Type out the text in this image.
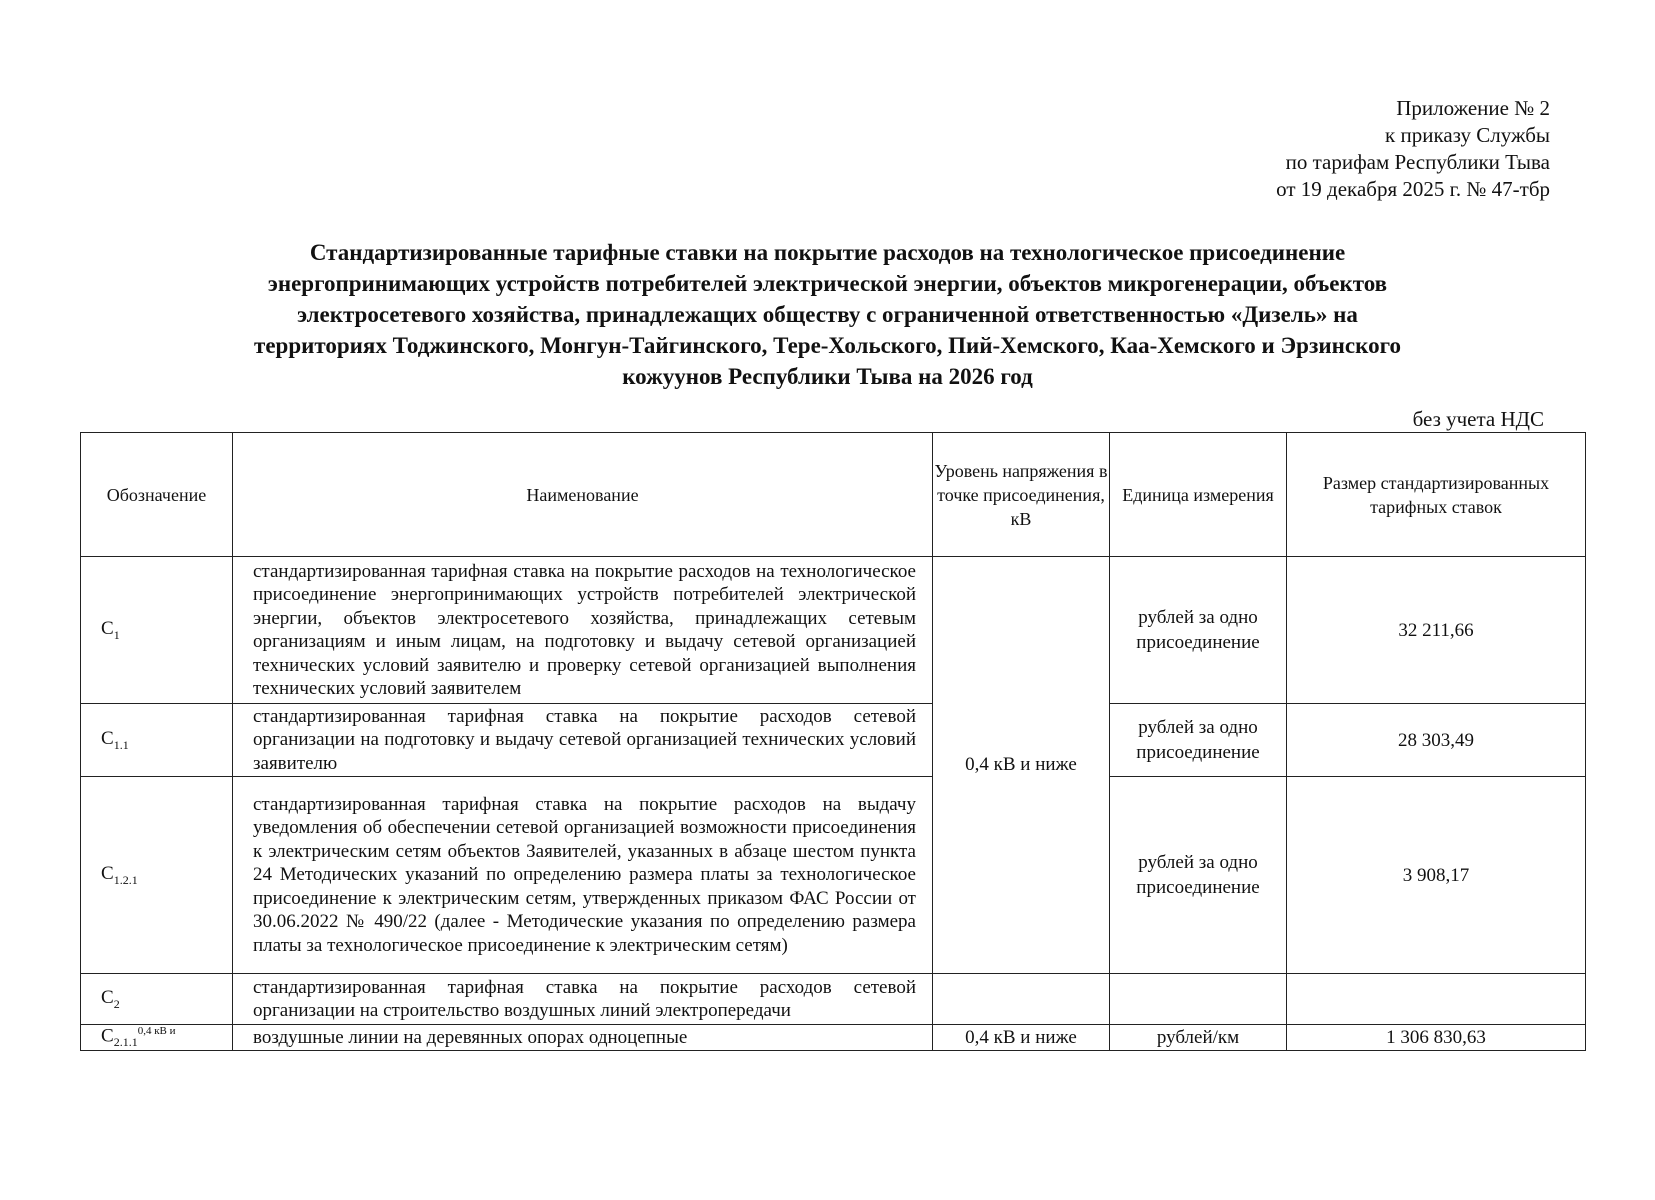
Приложение № 2
к приказу Службы
по тарифам Республики Тыва
от 19 декабря 2025 г. № 47-тбр
Стандартизированные тарифные ставки на покрытие расходов на технологическое присоединение
энергопринимающих устройств потребителей электрической энергии, объектов микрогенерации, объектов
электросетевого хозяйства, принадлежащих обществу с ограниченной ответственностью «Дизель» на
территориях Тоджинского, Монгун-Тайгинского, Тере-Хольского, Пий-Хемского, Каа-Хемского и Эрзинского
кожуунов Республики Тыва на 2026 год
без учета НДС
Обозначение	Наименование	Уровень напряжения в точке присоединения, кВ	Единица измерения	Размер стандартизированных тарифных ставок
$С_1$	стандартизированная тарифная ставка на покрытие расходов на технологическое присоединение энергопринимающих устройств потребителей электрической энергии, объектов электросетевого хозяйства, принадлежащих сетевым организациям и иным лицам, на подготовку и выдачу сетевой организацией технических условий заявителю и проверку сетевой организацией выполнения технических условий заявителем	0,4 кВ и ниже	рублей за одно присоединение	32 211,66
$С_{1.1}$	стандартизированная тарифная ставка на покрытие расходов сетевой организации на подготовку и выдачу сетевой организацией технических условий заявителю		рублей за одно присоединение	28 303,49
$С_{1.2.1}$	стандартизированная тарифная ставка на покрытие расходов на выдачу уведомления об обеспечении сетевой организацией возможности присоединения к электрическим сетям объектов Заявителей, указанных в абзаце шестом пункта 24 Методических указаний по определению размера платы за технологическое присоединение к электрическим сетям, утвержденных приказом ФАС России от 30.06.2022 № 490/22 (далее - Методические указания по определению размера платы за технологическое присоединение к электрическим сетям)		рублей за одно присоединение	3 908,17
$С_2$	стандартизированная тарифная ставка на покрытие расходов сетевой организации на строительство воздушных линий электропередачи			
$С_{2.1.1}^{0,4 кВ и}$	воздушные линии на деревянных опорах одноцепные	0,4 кВ и ниже	рублей/км	1 306 830,63
